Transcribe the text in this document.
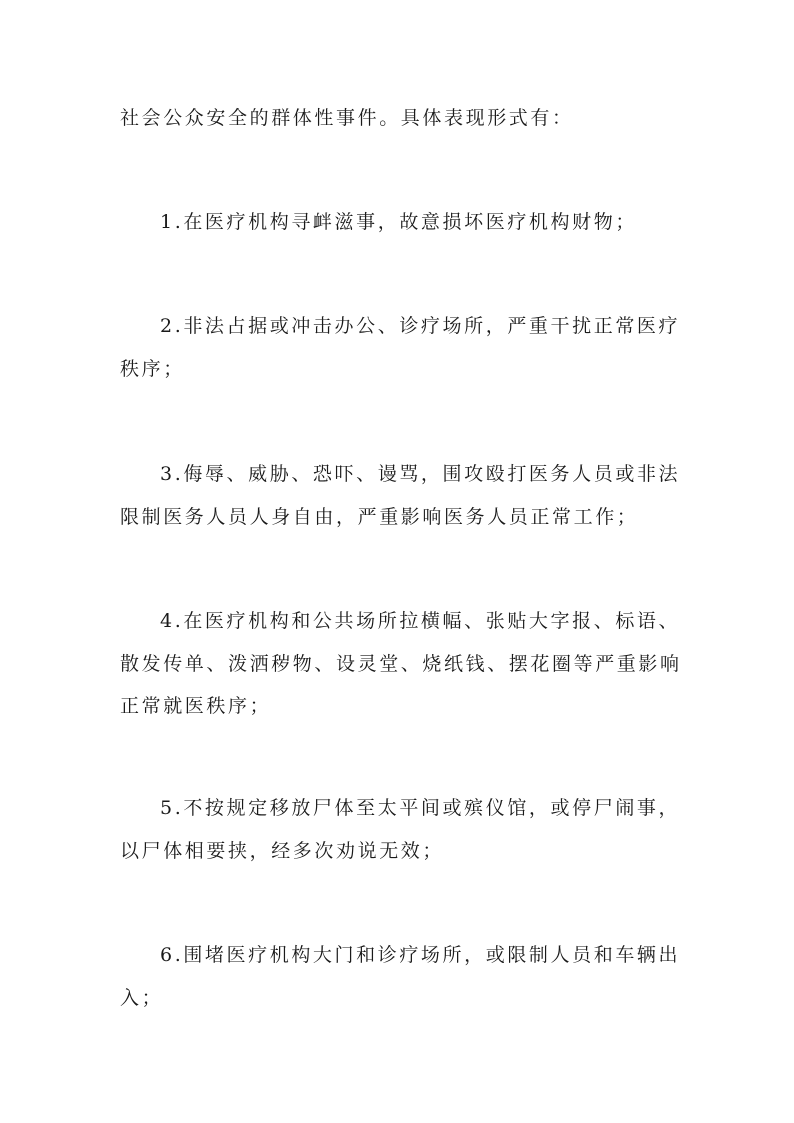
社会公众安全的群体性事件。具体表现形式有：
1.在医疗机构寻衅滋事，故意损坏医疗机构财物；
2.非法占据或冲击办公、诊疗场所，严重干扰正常医疗
秩序；
3.侮辱、威胁、恐吓、谩骂，围攻殴打医务人员或非法
限制医务人员人身自由，严重影响医务人员正常工作；
4.在医疗机构和公共场所拉横幅、张贴大字报、标语、
散发传单、泼洒秽物、设灵堂、烧纸钱、摆花圈等严重影响
正常就医秩序；
5.不按规定移放尸体至太平间或殡仪馆，或停尸闹事，
以尸体相要挟，经多次劝说无效；
6.围堵医疗机构大门和诊疗场所，或限制人员和车辆出
入；
